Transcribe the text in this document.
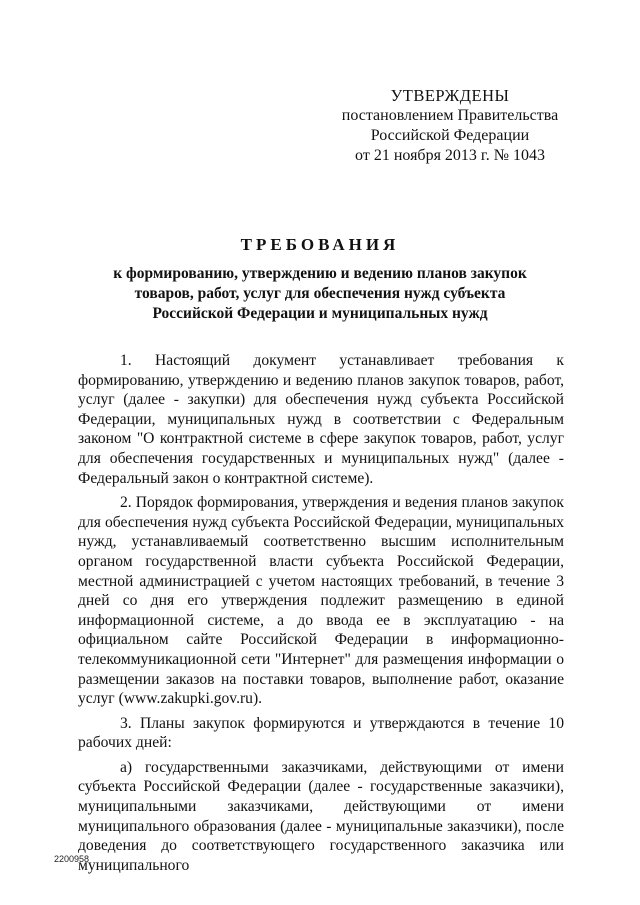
УТВЕРЖДЕНЫ
постановлением Правительства
Российской Федерации
от 21 ноября 2013 г. № 1043
ТРЕБОВАНИЯ
к формированию, утверждению и ведению планов закупок
товаров, работ, услуг для обеспечения нужд субъекта
Российской Федерации и муниципальных нужд

1. Настоящий документ устанавливает требования к формированию, утверждению и ведению планов закупок товаров, работ, услуг (далее - закупки) для обеспечения нужд субъекта Российской Федерации, муниципальных нужд в соответствии с Федеральным законом "О контрактной системе в сфере закупок товаров, работ, услуг для обеспечения государственных и муниципальных нужд" (далее - Федеральный закон о контрактной системе).

2. Порядок формирования, утверждения и ведения планов закупок для обеспечения нужд субъекта Российской Федерации, муниципальных нужд, устанавливаемый соответственно высшим исполнительным органом государственной власти субъекта Российской Федерации, местной администрацией с учетом настоящих требований, в течение 3 дней со дня его утверждения подлежит размещению в единой информационной системе, а до ввода ее в эксплуатацию - на официальном сайте Российской Федерации в информационно-телекоммуникационной сети "Интернет" для размещения информации о размещении заказов на поставки товаров, выполнение работ, оказание услуг (www.zakupki.gov.ru).

3. Планы закупок формируются и утверждаются в течение 10 рабочих дней:

а) государственными заказчиками, действующими от имени субъекта Российской Федерации (далее - государственные заказчики), муниципальными заказчиками, действующими от имени муниципального образования (далее - муниципальные заказчики), после доведения до соответствующего государственного заказчика или муниципального

2200958
